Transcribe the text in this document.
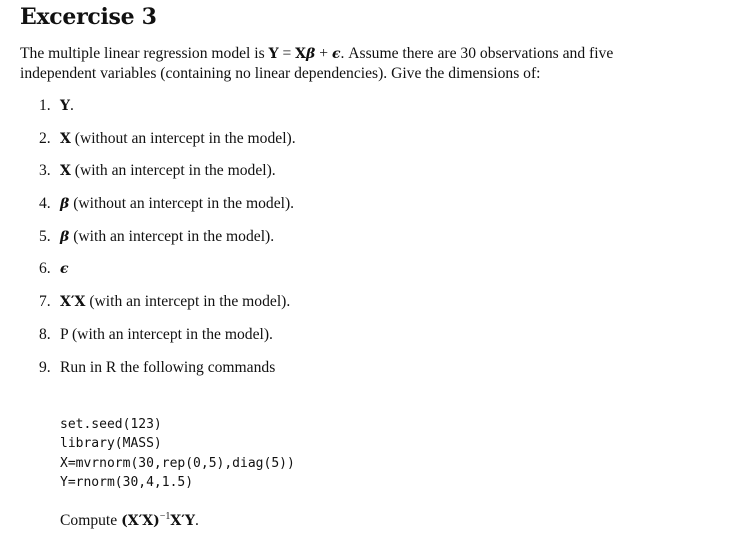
Excercise 3
The multiple linear regression model is Y = Xβ + ϵ. Assume there are 30 observations and five
independent variables (containing no linear dependencies). Give the dimensions of:
1. Y.
2. X (without an intercept in the model).
3. X (with an intercept in the model).
4. β (without an intercept in the model).
5. β (with an intercept in the model).
6. ϵ
7. X′X (with an intercept in the model).
8. P (with an intercept in the model).
9. Run in R the following commands
set.seed(123)
library(MASS)
X=mvrnorm(30,rep(0,5),diag(5))
Y=rnorm(30,4,1.5)
Compute $(X'X)^{-1}X'Y$.
